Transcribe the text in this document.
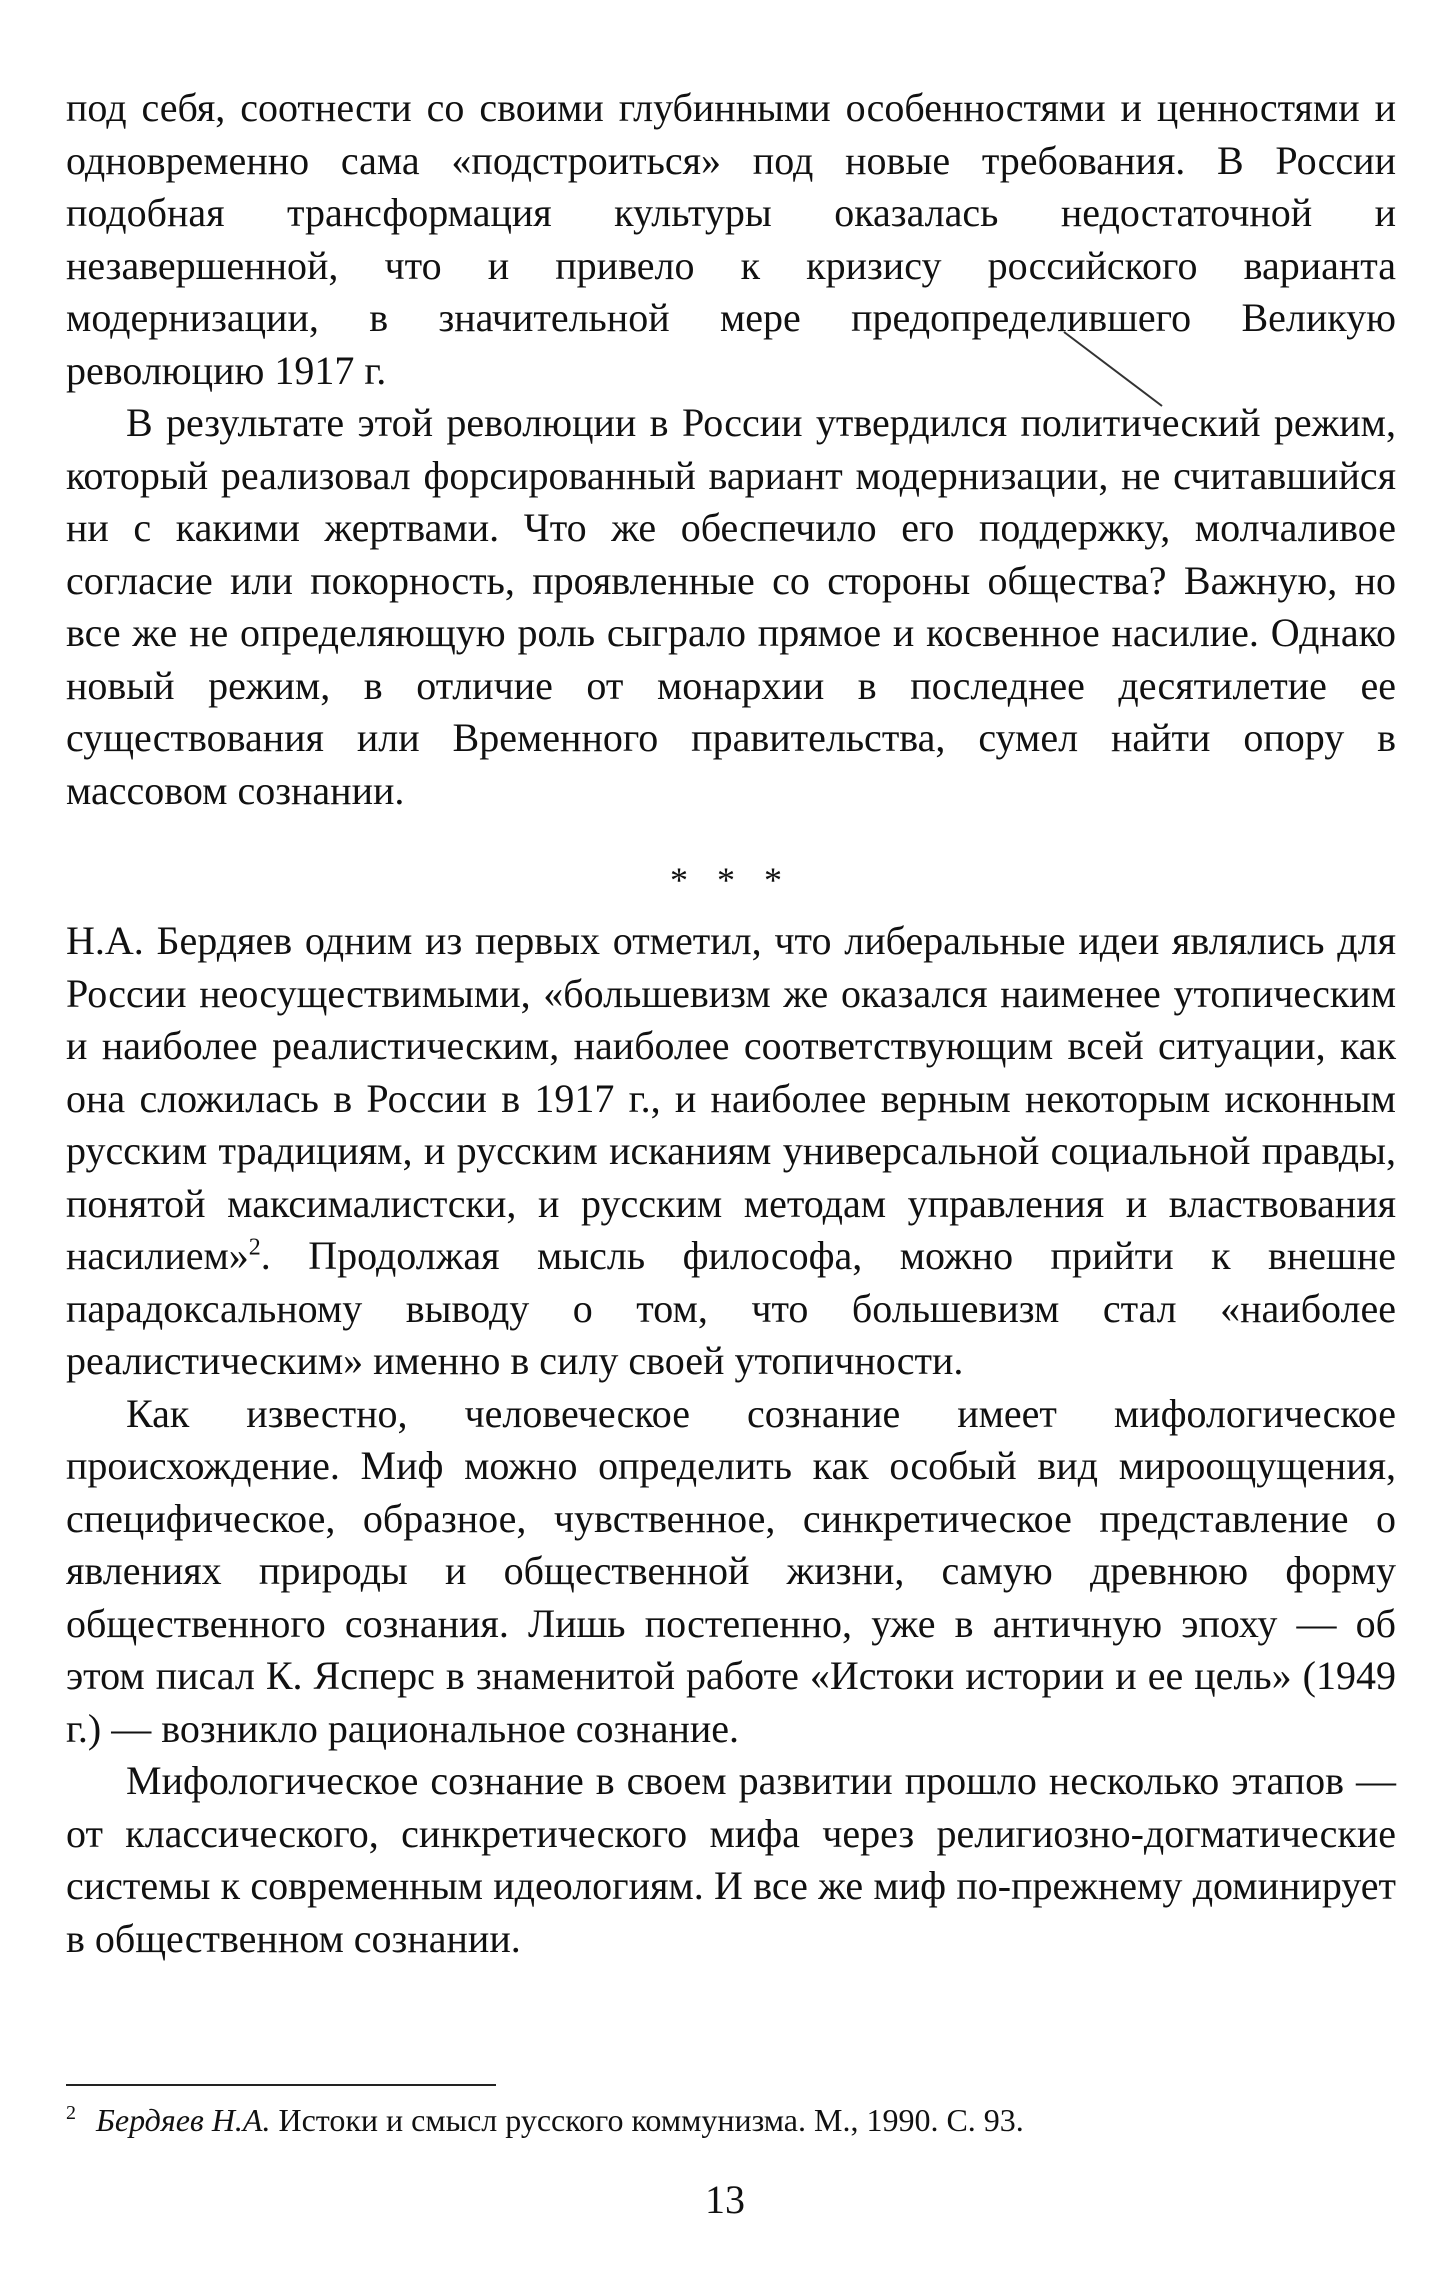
под себя, соотнести со своими глубинными особенностями и ценностями и одновременно сама «подстроиться» под новые требования. В России подобная трансформация культуры оказалась недостаточной и незавершенной, что и привело к кризису российского варианта модернизации, в значительной мере предопределившего Великую революцию 1917 г.

В результате этой революции в России утвердился политический режим, который реализовал форсированный вариант модернизации, не считавшийся ни с какими жертвами. Что же обеспечило его поддержку, молчаливое согласие или покорность, проявленные со стороны общества? Важную, но все же не определяющую роль сыграло прямое и косвенное насилие. Однако новый режим, в отличие от монархии в последнее десятилетие ее существования или Временного правительства, сумел найти опору в массовом сознании.

* * *

Н.А. Бердяев одним из первых отметил, что либеральные идеи являлись для России неосуществимыми, «большевизм же оказался наименее утопическим и наиболее реалистическим, наиболее соответствующим всей ситуации, как она сложилась в России в 1917 г., и наиболее верным некоторым исконным русским традициям, и русским исканиям универсальной социальной правды, понятой максималистски, и русским методам управления и властвования насилием»$^2$. Продолжая мысль философа, можно прийти к внешне парадоксальному выводу о том, что большевизм стал «наиболее реалистическим» именно в силу своей утопичности.

Как известно, человеческое сознание имеет мифологическое происхождение. Миф можно определить как особый вид мироощущения, специфическое, образное, чувственное, синкретическое представление о явлениях природы и общественной жизни, самую древнюю форму общественного сознания. Лишь постепенно, уже в античную эпоху — об этом писал К. Ясперс в знаменитой работе «Истоки истории и ее цель» (1949 г.) — возникло рациональное сознание.

Мифологическое сознание в своем развитии прошло несколько этапов — от классического, синкретического мифа через религиозно-догматические системы к современным идеологиям. И все же миф по-прежнему доминирует в общественном сознании.

$^2$ Бердяев Н.А. Истоки и смысл русского коммунизма. М., 1990. С. 93.
13
